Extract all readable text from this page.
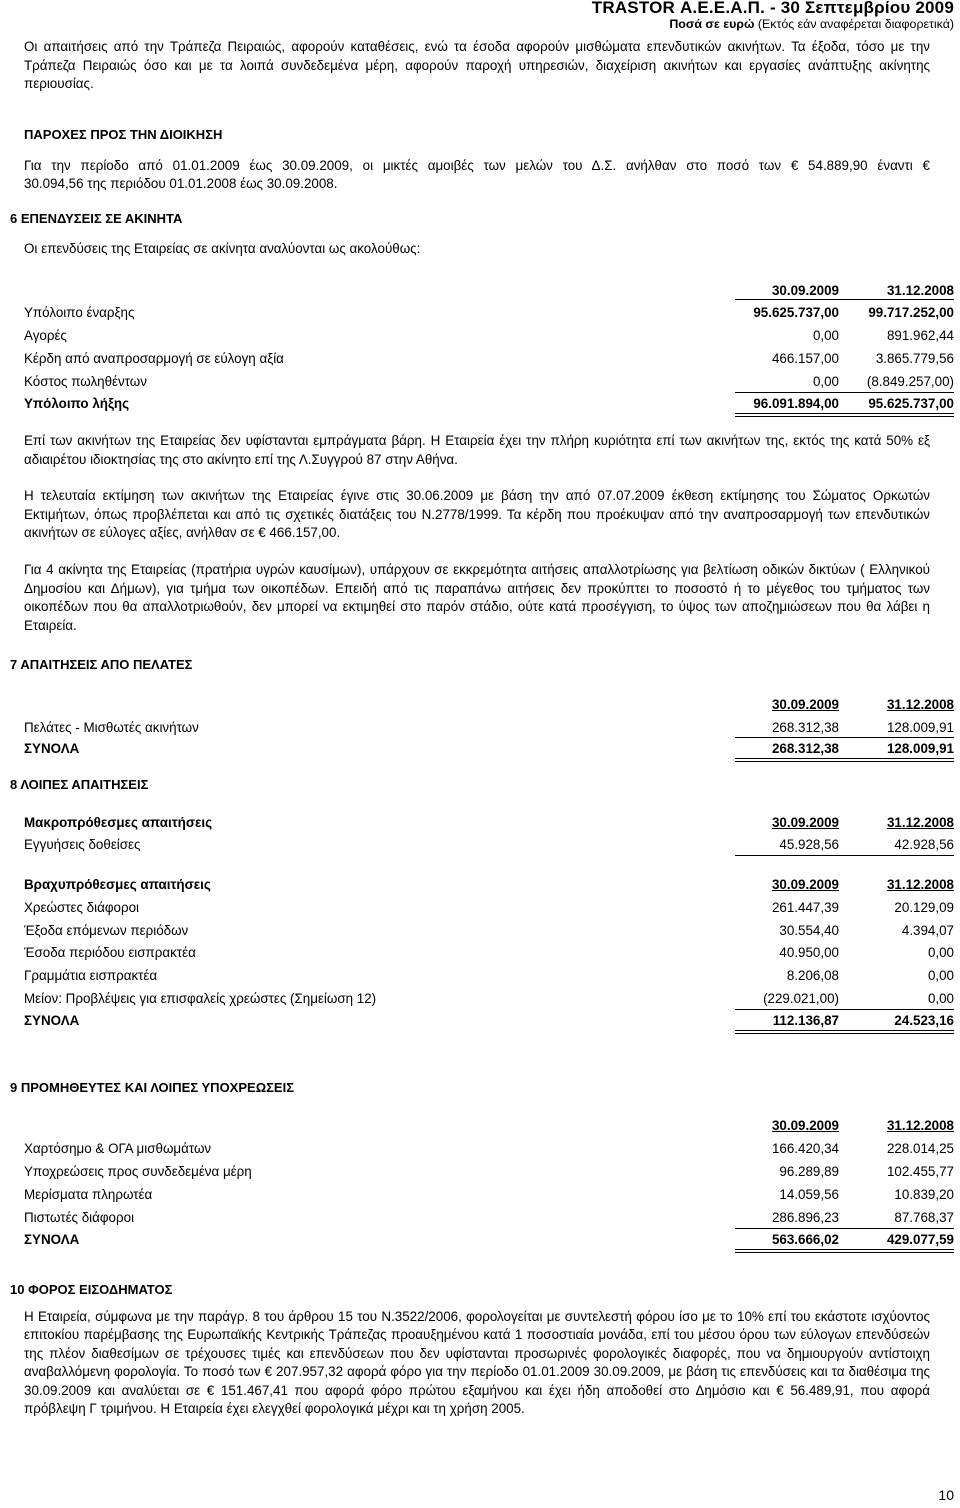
TRASTOR Α.Ε.Ε.Α.Π. - 30 Σεπτεμβρίου 2009
Ποσά σε ευρώ (Εκτός εάν αναφέρεται διαφορετικά)
Οι απαιτήσεις από την Τράπεζα Πειραιώς, αφορούν καταθέσεις, ενώ τα έσοδα αφορούν μισθώματα επενδυτικών ακινήτων. Τα έξοδα, τόσο με την Τράπεζα Πειραιώς όσο και με τα λοιπά συνδεδεμένα μέρη, αφορούν παροχή υπηρεσιών, διαχείριση ακινήτων και εργασίες ανάπτυξης ακίνητης περιουσίας.
ΠΑΡΟΧΕΣ ΠΡΟΣ ΤΗΝ ΔΙΟΙΚΗΣΗ
Για την περίοδο από 01.01.2009 έως 30.09.2009, οι μικτές αμοιβές των μελών του Δ.Σ. ανήλθαν στο ποσό των € 54.889,90 έναντι €
30.094,56 της περιόδου 01.01.2008 έως 30.09.2008.
6 ΕΠΕΝΔΥΣΕΙΣ ΣΕ ΑΚΙΝΗΤΑ
Οι επενδύσεις της Εταιρείας σε ακίνητα αναλύονται ως ακολούθως:
30.09.2009	31.12.2008
Υπόλοιπο έναρξης	95.625.737,00 99.717.252,00
Αγορές	0,00	891.962,44
Κέρδη από αναπροσαρμογή σε εύλογη αξία	466.157,00	3.865.779,56
Κόστος πωληθέντων	0,00 (8.849.257,00)
Υπόλοιπο λήξης	96.091.894,00 95.625.737,00
Επί των ακινήτων της Εταιρείας δεν υφίστανται εμπράγματα βάρη. Η Εταιρεία έχει την πλήρη κυριότητα επί των ακινήτων της, εκτός της κατά 50% εξ αδιαιρέτου ιδιοκτησίας της στο ακίνητο επί της Λ.Συγγρού 87 στην Αθήνα.
Η τελευταία εκτίμηση των ακινήτων της Εταιρείας έγινε στις 30.06.2009 με βάση την από 07.07.2009 έκθεση εκτίμησης του Σώματος Ορκωτών Εκτιμήτων, όπως προβλέπεται και από τις σχετικές διατάξεις του Ν.2778/1999. Τα κέρδη που προέκυψαν από την αναπροσαρμογή των επενδυτικών ακινήτων σε εύλογες αξίες, ανήλθαν σε € 466.157,00.
Για 4 ακίνητα της Εταιρείας (πρατήρια υγρών καυσίμων), υπάρχουν σε εκκρεμότητα αιτήσεις απαλλοτρίωσης για βελτίωση οδικών δικτύων ( Ελληνικού Δημοσίου και Δήμων), για τμήμα των οικοπέδων. Επειδή από τις παραπάνω αιτήσεις δεν προκύπτει το ποσοστό ή το μέγεθος του τμήματος των οικοπέδων που θα απαλλοτριωθούν, δεν μπορεί να εκτιμηθεί στο παρόν στάδιο, ούτε κατά προσέγγιση, το ύψος των αποζημιώσεων που θα λάβει η Εταιρεία.
7 ΑΠΑΙΤΗΣΕΙΣ ΑΠΟ ΠΕΛΑΤΕΣ
30.09.2009	31.12.2008
Πελάτες - Μισθωτές ακινήτων	268.312,38	128.009,91
ΣΥΝΟΛΑ	268.312,38	128.009,91
8 ΛΟΙΠΕΣ ΑΠΑΙΤΗΣΕΙΣ
Μακροπρόθεσμες απαιτήσεις	30.09.2009	31.12.2008
Εγγυήσεις δοθείσες	45.928,56	42.928,56
Βραχυπρόθεσμες απαιτήσεις	30.09.2009	31.12.2008
Χρεώστες διάφοροι	261.447,39	20.129,09
Έξοδα επόμενων περιόδων	30.554,40	4.394,07
Έσοδα περιόδου εισπρακτέα	40.950,00	0,00
Γραμμάτια εισπρακτέα	8.206,08	0,00
Μείον: Προβλέψεις για επισφαλείς χρεώστες (Σημείωση 12)	(229.021,00)	0,00
ΣΥΝΟΛΑ	112.136,87	24.523,16
9 ΠΡΟΜΗΘΕΥΤΕΣ ΚΑΙ ΛΟΙΠΕΣ ΥΠΟΧΡΕΩΣΕΙΣ
30.09.2009	31.12.2008
Χαρτόσημο & ΟΓΑ μισθωμάτων	166.420,34	228.014,25
Υποχρεώσεις προς συνδεδεμένα μέρη	96.289,89	102.455,77
Μερίσματα πληρωτέα	14.059,56	10.839,20
Πιστωτές διάφοροι	286.896,23	87.768,37
ΣΥΝΟΛΑ	563.666,02	429.077,59
10 ΦΟΡΟΣ ΕΙΣΟΔΗΜΑΤΟΣ
Η Εταιρεία, σύμφωνα με την παράγρ. 8 του άρθρου 15 του Ν.3522/2006, φορολογείται με συντελεστή φόρου ίσο με το 10% επί του εκάστοτε ισχύοντος επιτοκίου παρέμβασης της Ευρωπαϊκής Κεντρικής Τράπεζας προαυξημένου κατά 1 ποσοστιαία μονάδα, επί του μέσου όρου των εύλογων επενδύσεών της πλέον διαθεσίμων σε τρέχουσες τιμές και επενδύσεων που δεν υφίστανται προσωρινές φορολογικές διαφορές, που να δημιουργούν αντίστοιχη αναβαλλόμενη φορολογία. Το ποσό των € 207.957,32 αφορά φόρο για την περίοδο 01.01.2009 30.09.2009, με βάση τις επενδύσεις και τα διαθέσιμα της 30.09.2009 και αναλύεται σε € 151.467,41 που αφορά φόρο πρώτου εξαμήνου και έχει ήδη αποδοθεί στο Δημόσιο και € 56.489,91, που αφορά πρόβλεψη Γ τριμήνου. Η Εταιρεία έχει ελεγχθεί φορολογικά μέχρι και τη χρήση 2005.
10
